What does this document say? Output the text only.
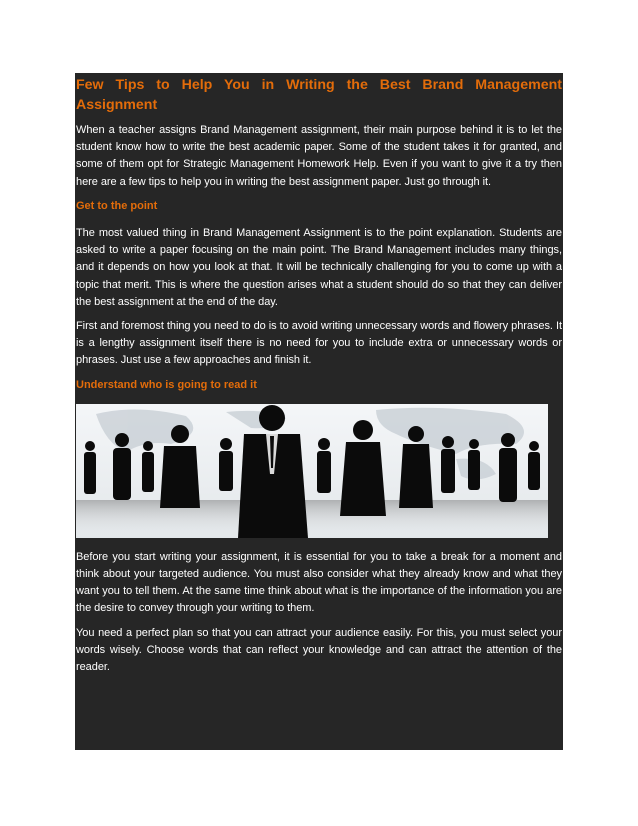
Few Tips to Help You in Writing the Best Brand Management Assignment

When a teacher assigns Brand Management assignment, their main purpose behind it is to let the student know how to write the best academic paper. Some of the student takes it for granted, and some of them opt for Strategic Management Homework Help. Even if you want to give it a try then here are a few tips to help you in writing the best assignment paper. Just go through it.

Get to the point

The most valued thing in Brand Management Assignment is to the point explanation. Students are asked to write a paper focusing on the main point. The Brand Management includes many things, and it depends on how you look at that. It will be technically challenging for you to come up with a topic that merit. This is where the question arises what a student should do so that they can deliver the best assignment at the end of the day.

First and foremost thing you need to do is to avoid writing unnecessary words and flowery phrases. It is a lengthy assignment itself there is no need for you to include extra or unnecessary words or phrases. Just use a few approaches and finish it.

Understand who is going to read it

Before you start writing your assignment, it is essential for you to take a break for a moment and think about your targeted audience. You must also consider what they already know and what they want you to tell them. At the same time think about what is the importance of the information you are the desire to convey through your writing to them.

You need a perfect plan so that you can attract your audience easily. For this, you must select your words wisely. Choose words that can reflect your knowledge and can attract the attention of the reader.
